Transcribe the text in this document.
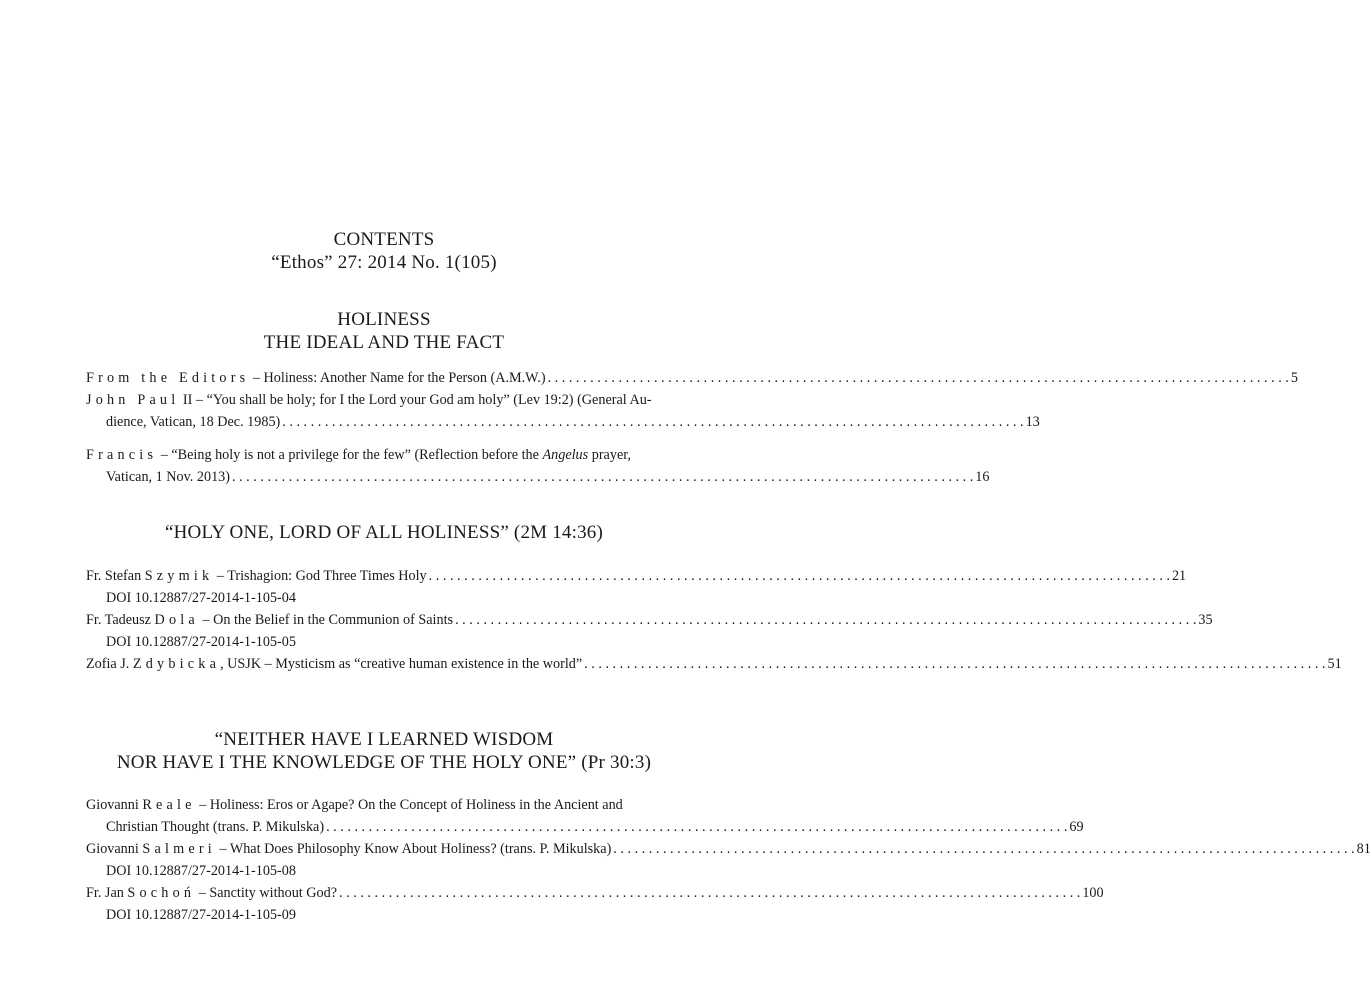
CONTENTS
“Ethos” 27: 2014 No. 1(105)
HOLINESS
THE IDEAL AND THE FACT
From the Editors – Holiness: Another Name for the Person (A.M.W.) . . .	5
John Paul II – “You shall be holy; for I the Lord your God am holy” (Lev 19:2) (General Au-
dience, Vatican, 18 Dec. 1985) . . .	13
Francis – “Being holy is not a privilege for the few” (Reflection before the Angelus prayer,
Vatican, 1 Nov. 2013) . . .	16
“HOLY ONE, LORD OF ALL HOLINESS” (2M 14:36)
Fr. Stefan Szymik – Trishagion: God Three Times Holy . . .	21
DOI 10.12887/27-2014-1-105-04
Fr. Tadeusz Dola – On the Belief in the Communion of Saints . . .	35
DOI 10.12887/27-2014-1-105-05
Zofia J. Zdybicka, USJK – Mysticism as “creative human existence in the world” . . .	51
“NEITHER HAVE I LEARNED WISDOM
NOR HAVE I THE KNOWLEDGE OF THE HOLY ONE” (Pr 30:3)
Giovanni Reale – Holiness: Eros or Agape? On the Concept of Holiness in the Ancient and
Christian Thought (trans. P. Mikulska) . . .	69
Giovanni Salmeri – What Does Philosophy Know About Holiness? (trans. P. Mikulska) . . .	81
DOI 10.12887/27-2014-1-105-08
Fr. Jan Sochoń – Sanctity without God? . . .	100
DOI 10.12887/27-2014-1-105-09
